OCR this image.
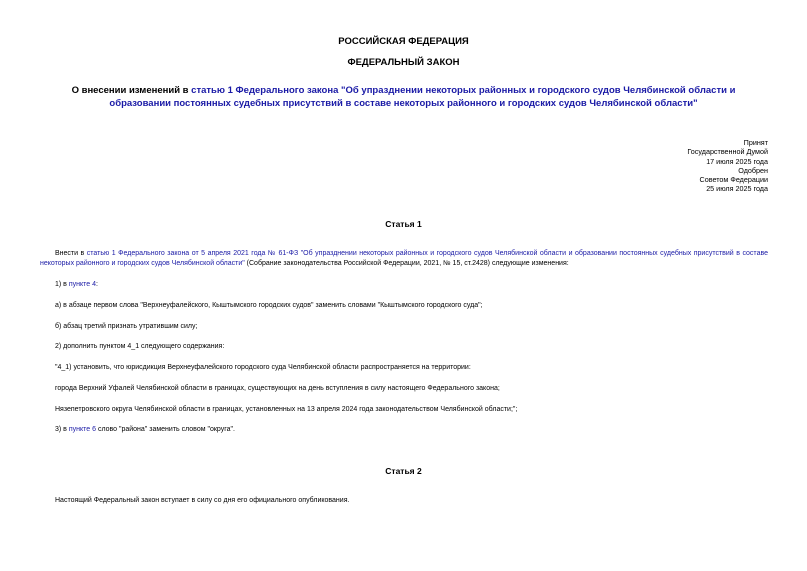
РОССИЙСКАЯ ФЕДЕРАЦИЯ

ФЕДЕРАЛЬНЫЙ ЗАКОН

О внесении изменений в статью 1 Федерального закона "Об упразднении некоторых районных и городского судов Челябинской области и образовании постоянных судебных присутствий в составе некоторых районного и городских судов Челябинской области"

Принят
Государственной Думой
17 июля 2025 года
Одобрен
Советом Федерации
25 июля 2025 года

Статья 1

Внести в статью 1 Федерального закона от 5 апреля 2021 года № 61-ФЗ "Об упразднении некоторых районных и городского судов Челябинской области и образовании постоянных судебных присутствий в составе некоторых районного и городских судов Челябинской области" (Собрание законодательства Российской Федерации, 2021, № 15, ст.2428) следующие изменения:

1) в пункте 4:

а) в абзаце первом слова "Верхнеуфалейского, Кыштымского городских судов" заменить словами "Кыштымского городского суда";

б) абзац третий признать утратившим силу;

2) дополнить пунктом 4_1 следующего содержания:

"4_1) установить, что юрисдикция Верхнеуфалейского городского суда Челябинской области распространяется на территории:

города Верхний Уфалей Челябинской области в границах, существующих на день вступления в силу настоящего Федерального закона;

Нязепетровского округа Челябинской области в границах, установленных на 13 апреля 2024 года законодательством Челябинской области;";

3) в пункте 6 слово "района" заменить словом "округа".

Статья 2

Настоящий Федеральный закон вступает в силу со дня его официального опубликования.
